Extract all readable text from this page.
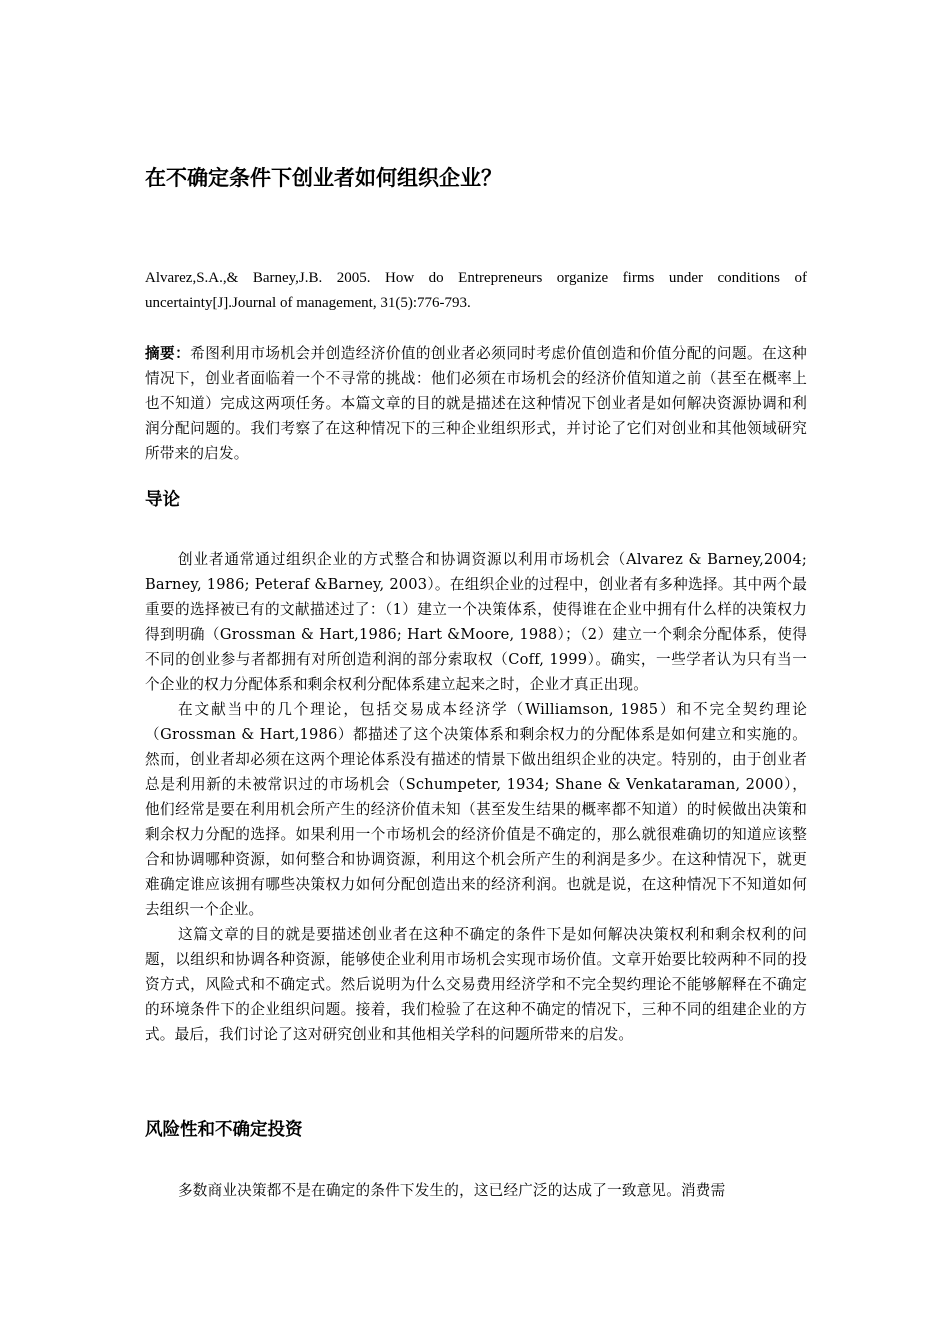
在不确定条件下创业者如何组织企业？

Alvarez,S.A.,& Barney,J.B. 2005. How do Entrepreneurs organize firms under conditions of uncertainty[J].Journal of management, 31(5):776-793.

摘要：希图利用市场机会并创造经济价值的创业者必须同时考虑价值创造和价值分配的问题。在这种情况下，创业者面临着一个不寻常的挑战：他们必须在市场机会的经济价值知道之前（甚至在概率上也不知道）完成这两项任务。本篇文章的目的就是描述在这种情况下创业者是如何解决资源协调和利润分配问题的。我们考察了在这种情况下的三种企业组织形式，并讨论了它们对创业和其他领域研究所带来的启发。

导论

创业者通常通过组织企业的方式整合和协调资源以利用市场机会（Alvarez & Barney,2004; Barney, 1986; Peteraf &Barney, 2003）。在组织企业的过程中，创业者有多种选择。其中两个最重要的选择被已有的文献描述过了：（1）建立一个决策体系，使得谁在企业中拥有什么样的决策权力得到明确（Grossman & Hart,1986; Hart &Moore, 1988）；（2）建立一个剩余分配体系，使得不同的创业参与者都拥有对所创造利润的部分索取权（Coff, 1999）。确实，一些学者认为只有当一个企业的权力分配体系和剩余权利分配体系建立起来之时，企业才真正出现。

在文献当中的几个理论，包括交易成本经济学（Williamson, 1985）和不完全契约理论（Grossman & Hart,1986）都描述了这个决策体系和剩余权力的分配体系是如何建立和实施的。然而，创业者却必须在这两个理论体系没有描述的情景下做出组织企业的决定。特别的，由于创业者总是利用新的未被常识过的市场机会（Schumpeter, 1934; Shane & Venkataraman, 2000），他们经常是要在利用机会所产生的经济价值未知（甚至发生结果的概率都不知道）的时候做出决策和剩余权力分配的选择。如果利用一个市场机会的经济价值是不确定的，那么就很难确切的知道应该整合和协调哪种资源，如何整合和协调资源，利用这个机会所产生的利润是多少。在这种情况下，就更难确定谁应该拥有哪些决策权力如何分配创造出来的经济利润。也就是说，在这种情况下不知道如何去组织一个企业。

这篇文章的目的就是要描述创业者在这种不确定的条件下是如何解决决策权利和剩余权利的问题，以组织和协调各种资源，能够使企业利用市场机会实现市场价值。文章开始要比较两种不同的投资方式，风险式和不确定式。然后说明为什么交易费用经济学和不完全契约理论不能够解释在不确定的环境条件下的企业组织问题。接着，我们检验了在这种不确定的情况下，三种不同的组建企业的方式。最后，我们讨论了这对研究创业和其他相关学科的问题所带来的启发。

风险性和不确定投资

多数商业决策都不是在确定的条件下发生的，这已经广泛的达成了一致意见。消费需
